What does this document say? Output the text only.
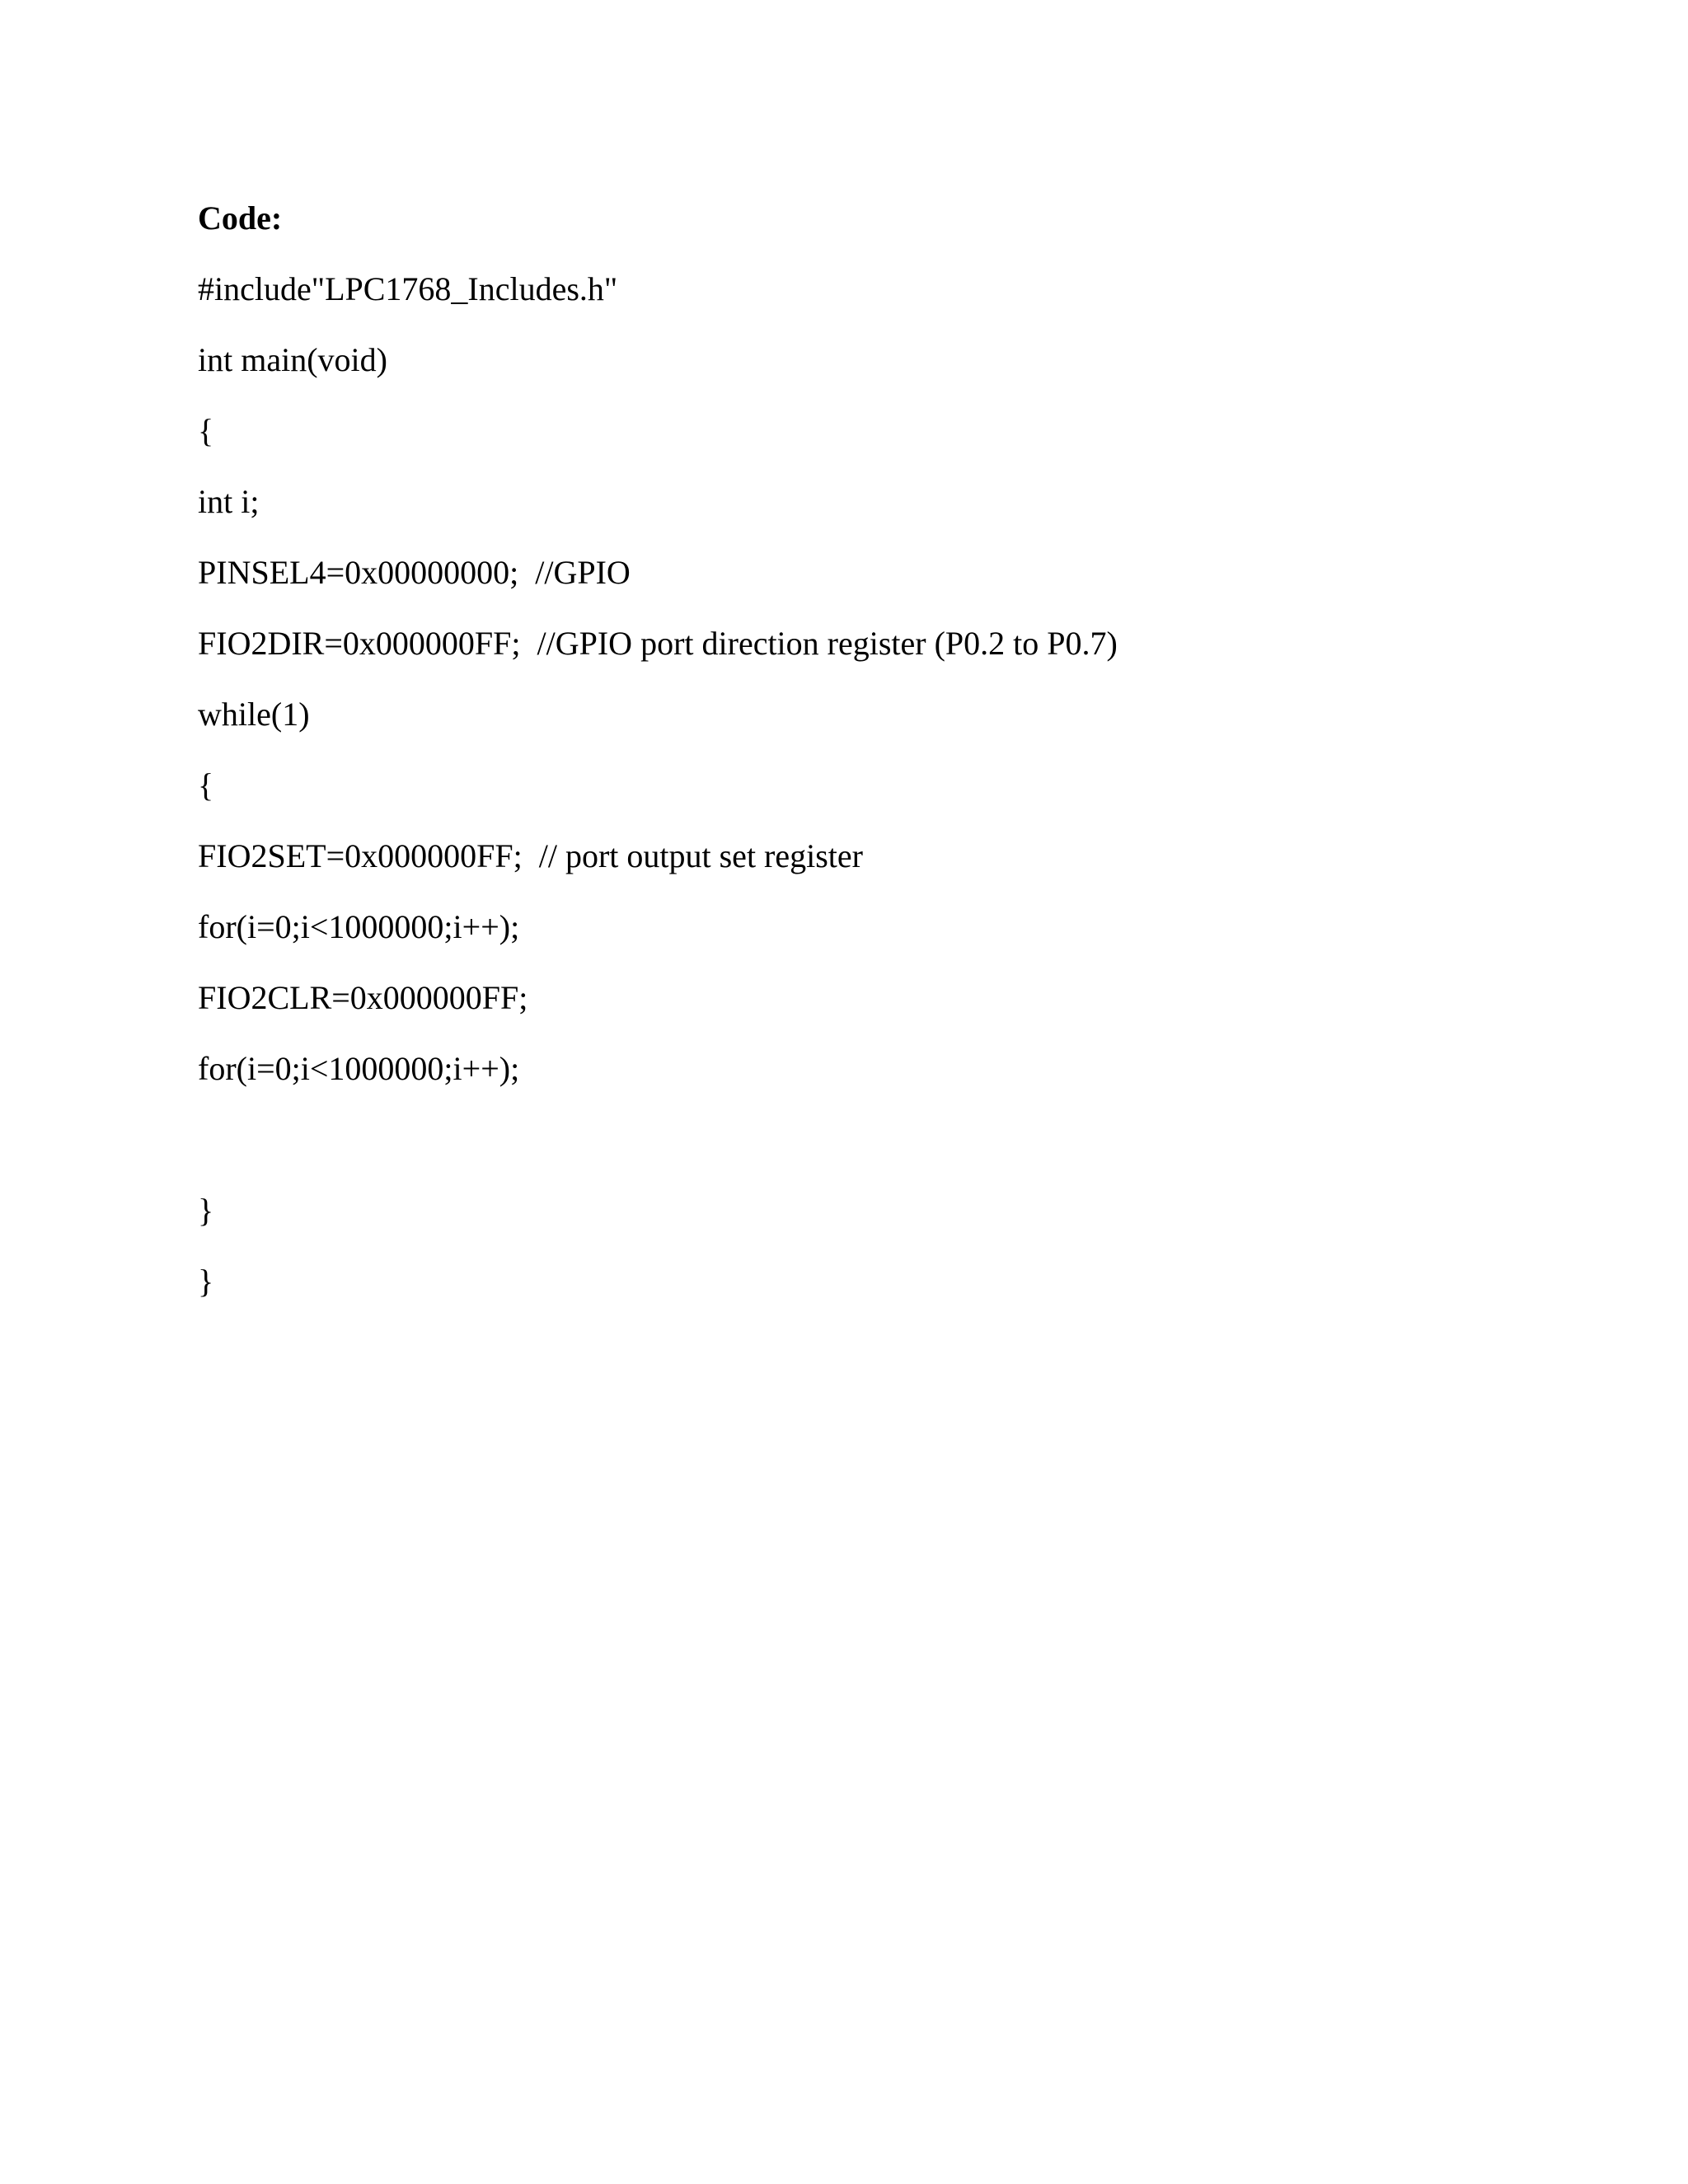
Code:

#include"LPC1768_Includes.h"
int main(void)
{
int i;
PINSEL4=0x00000000;  //GPIO
FIO2DIR=0x000000FF;  //GPIO port direction register (P0.2 to P0.7)
while(1)
{
FIO2SET=0x000000FF;  // port output set register
for(i=0;i<1000000;i++);
FIO2CLR=0x000000FF;
for(i=0;i<1000000;i++);
}
}
